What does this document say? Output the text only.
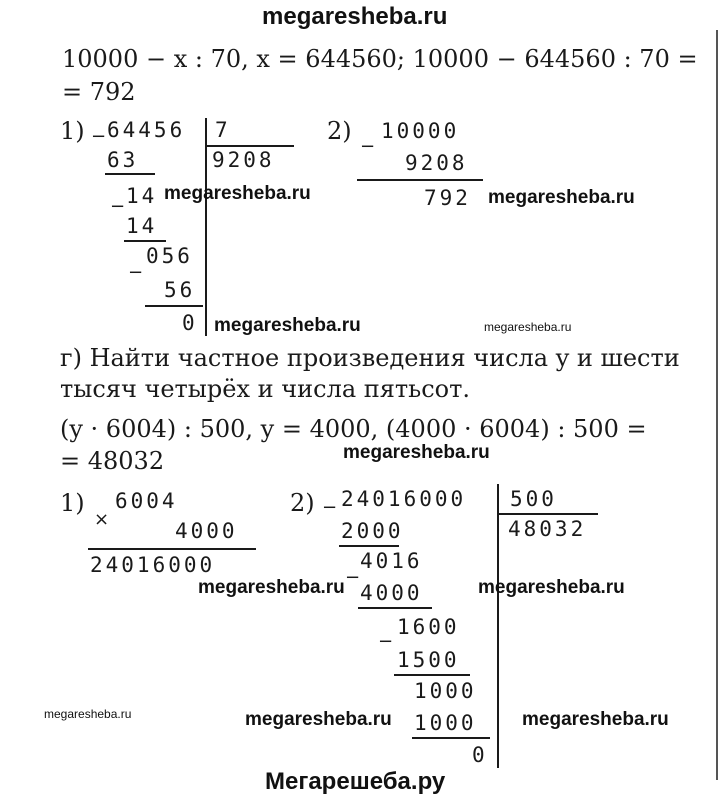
megaresheba.ru
10000 − x : 70, x = 644560; 10000 − 644560 : 70 =
= 792
1) − 64456 7
9208
63
− 14
14
−
056
56
0
2)
−
10000
9208
792
г) Найти частное произведения числа y и шести
тысяч четырёх и числа пятьсот.
(y · 6004) : 500, y = 4000, (4000 · 6004) : 500 =
= 48032
1) 6004
×	4000
24016000
2) − 24016000 500
48032
2000
−
4016
4000
−
1600
1500
1000
1000
0
megaresheba.ru	megaresheba.ru
megaresheba.ru	megaresheba.ru
megaresheba.ru
megaresheba.ru	megaresheba.ru
megaresheba.ru	megaresheba.ru	megaresheba.ru
Мегарешеба.ру
